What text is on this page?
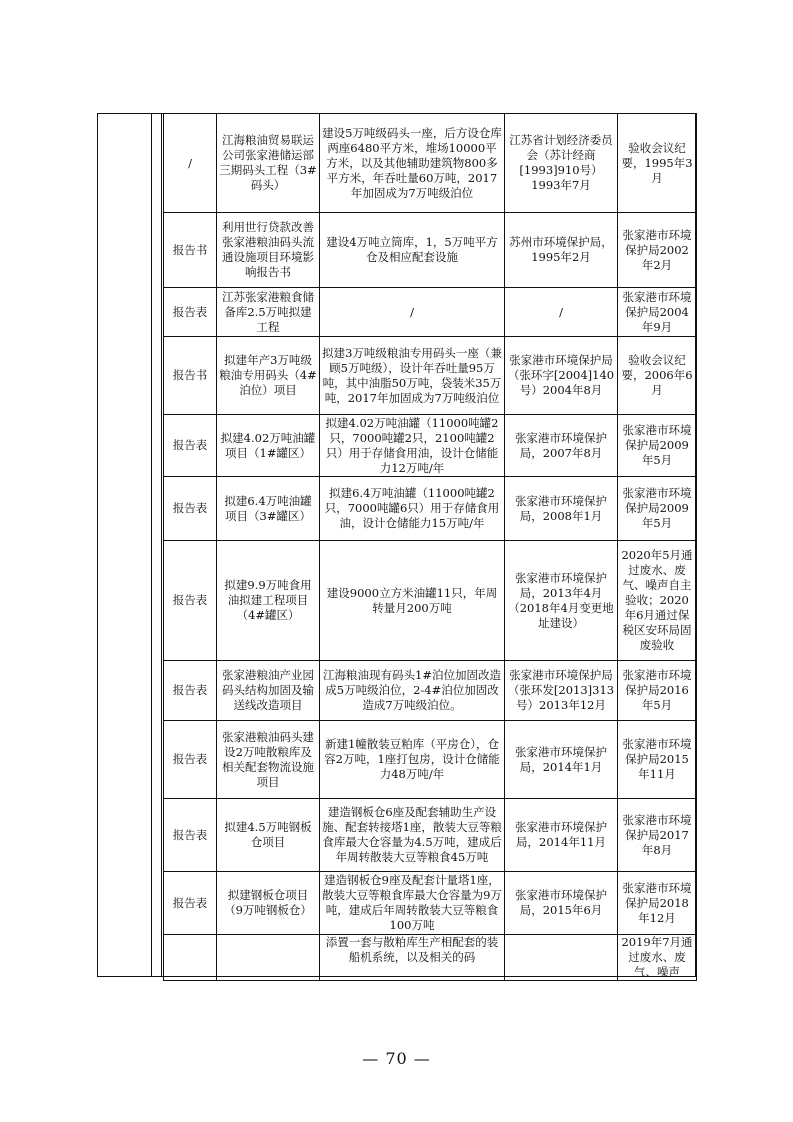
/	江海粮油贸易联运公司张家港储运部三期码头工程（3#码头）	建设5万吨级码头一座，后方设仓库两座6480平方米，堆场10000平方米，以及其他辅助建筑物800多平方米，年吞吐量60万吨，2017年加固成为7万吨级泊位	江苏省计划经济委员会（苏计经商[1993]910号）1993年7月	验收会议纪要，1995年3月
报告书	利用世行贷款改善张家港粮油码头流通设施项目环境影响报告书	建设4万吨立筒库，1，5万吨平方仓及相应配套设施	苏州市环境保护局，1995年2月	张家港市环境保护局2002年2月
报告表	江苏张家港粮食储备库2.5万吨拟建工程	/	/	张家港市环境保护局2004年9月
报告书	拟建年产3万吨级粮油专用码头（4#泊位）项目	拟建3万吨级粮油专用码头一座（兼顾5万吨级），设计年吞吐量95万吨，其中油脂50万吨，袋装米35万吨，2017年加固成为7万吨级泊位	张家港市环境保护局（张环字[2004]140号）2004年8月	验收会议纪要，2006年6月
报告表	拟建4.02万吨油罐项目（1#罐区）	拟建4.02万吨油罐（11000吨罐2只，7000吨罐2只，2100吨罐2只）用于存储食用油，设计仓储能力12万吨/年	张家港市环境保护局，2007年8月	张家港市环境保护局2009年5月
报告表	拟建6.4万吨油罐项目（3#罐区）	拟建6.4万吨油罐（11000吨罐2只，7000吨罐6只）用于存储食用油，设计仓储能力15万吨/年	张家港市环境保护局，2008年1月	张家港市环境保护局2009年5月
报告表	拟建9.9万吨食用油拟建工程项目（4#罐区）	建设9000立方米油罐11只，年周转量月200万吨	张家港市环境保护局，2013年4月（2018年4月变更地址建设）	2020年5月通过废水、废气、噪声自主验收；2020年6月通过保税区安环局固废验收
报告表	张家港粮油产业园码头结构加固及输送线改造项目	江海粮油现有码头1#泊位加固改造成5万吨级泊位，2-4#泊位加固改造成7万吨级泊位。	张家港市环境保护局（张环发[2013]313号）2013年12月	张家港市环境保护局2016年5月
报告表	张家港粮油码头建设2万吨散粮库及相关配套物流设施项目	新建1幢散装豆粕库（平房仓），仓容2万吨，1座打包房，设计仓储能力48万吨/年	张家港市环境保护局，2014年1月	张家港市环境保护局2015年11月
报告表	拟建4.5万吨钢板仓项目	建造钢板仓6座及配套辅助生产设施、配套转接塔1座，散装大豆等粮食库最大仓容量为4.5万吨，建成后年周转散装大豆等粮食45万吨	张家港市环境保护局，2014年11月	张家港市环境保护局2017年8月
报告表	拟建钢板仓项目（9万吨钢板仓）	建造钢板仓9座及配套计量塔1座，散装大豆等粮食库最大仓容量为9万吨，建成后年周转散装大豆等粮食100万吨	张家港市环境保护局，2015年6月	张家港市环境保护局2018年12月
		添置一套与散粕库生产相配套的装船机系统，以及相关的码		2019年7月通过废水、废气、噪声
— 70 —
